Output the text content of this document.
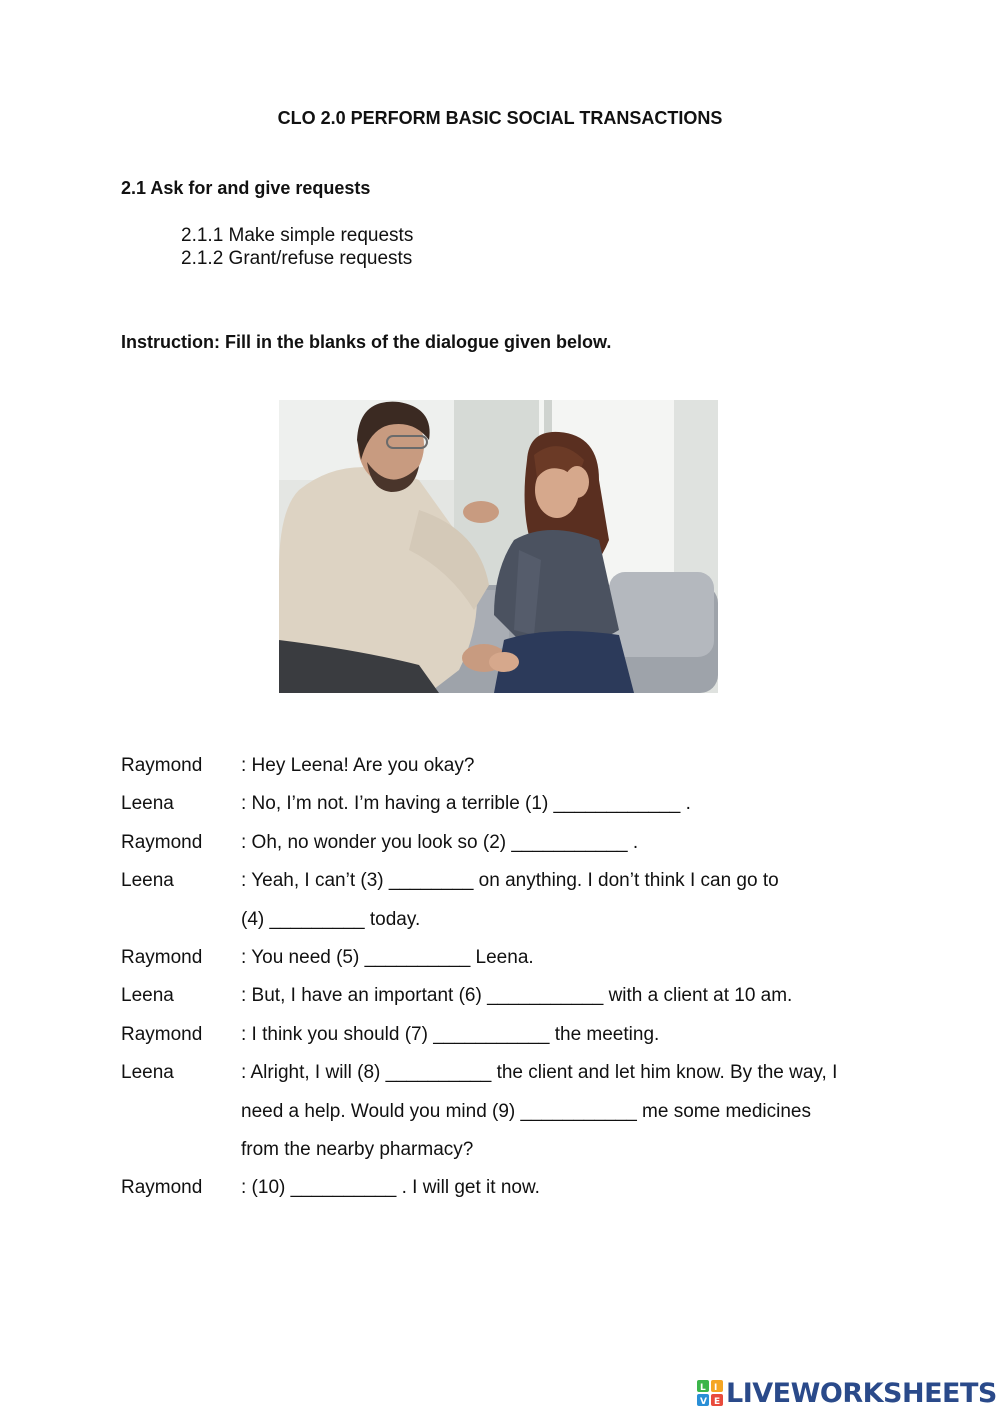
CLO 2.0 PERFORM BASIC SOCIAL TRANSACTIONS
2.1 Ask for and give requests
2.1.1 Make simple requests
2.1.2 Grant/refuse requests
Instruction: Fill in the blanks of the dialogue given below.
Raymond	: Hey Leena! Are you okay?
Leena	: No, I’m not. I’m having a terrible (1) ____________ .
Raymond	: Oh, no wonder you look so (2) ___________ .
Leena	: Yeah, I can’t (3) ________ on anything. I don’t think I can go to
(4) _________ today.
Raymond	: You need (5) __________ Leena.
Leena	: But, I have an important (6) ___________ with a client at 10 am.
Raymond	: I think you should (7) ___________ the meeting.
Leena	: Alright, I will (8) __________ the client and let him know. By the way, I
need a help. Would you mind (9) ___________ me some medicines
from the nearby pharmacy?
Raymond	: (10) __________ . I will get it now.
L I
V E LIVEWORKSHEETS
